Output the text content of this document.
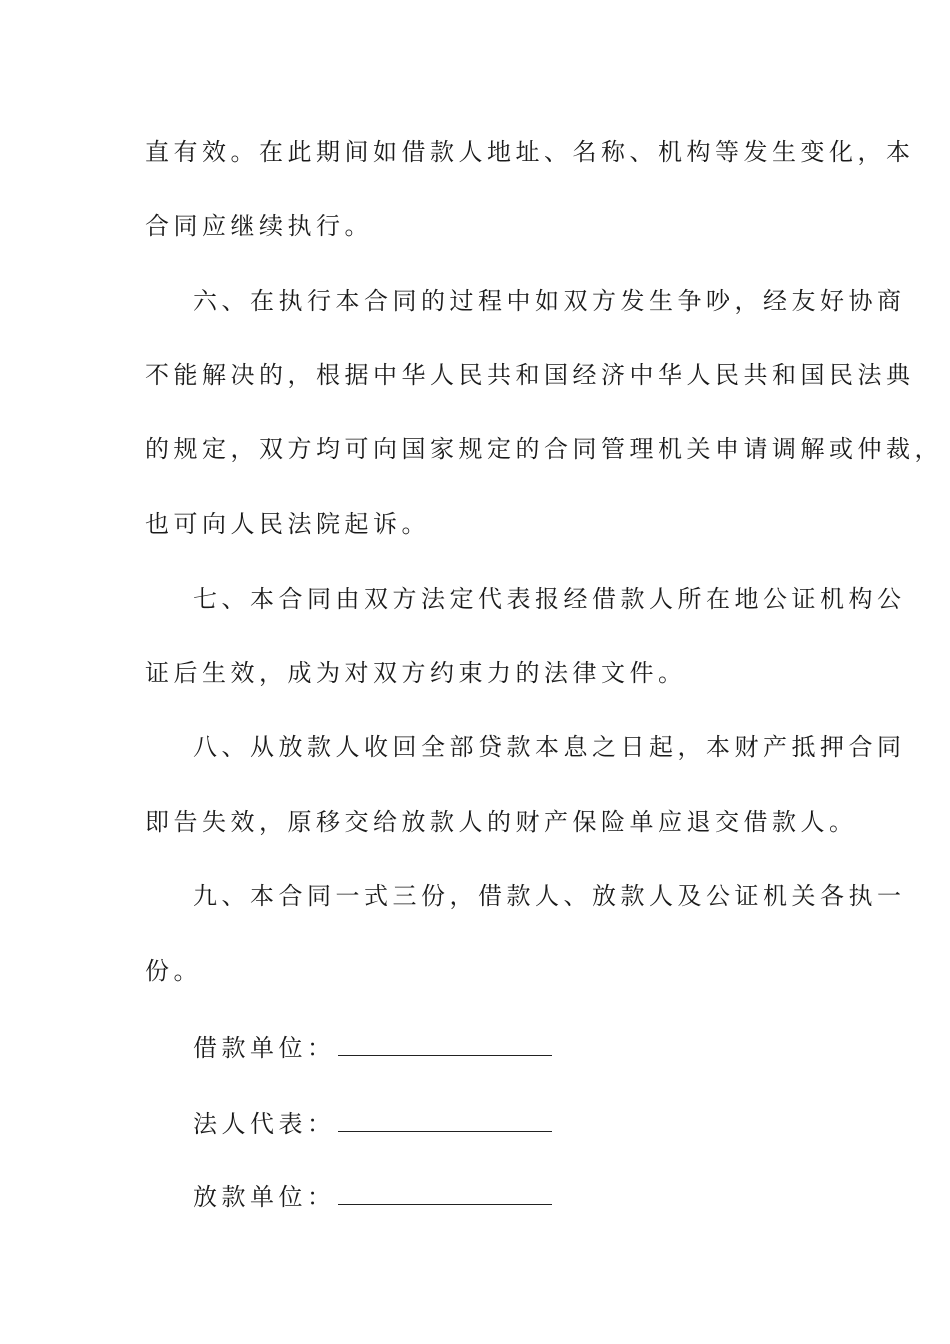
直有效。在此期间如借款人地址、名称、机构等发生变化，本
合同应继续执行。
六、在执行本合同的过程中如双方发生争吵，经友好协商
不能解决的，根据中华人民共和国经济中华人民共和国民法典
的规定，双方均可向国家规定的合同管理机关申请调解或仲裁，
也可向人民法院起诉。
七、本合同由双方法定代表报经借款人所在地公证机构公
证后生效，成为对双方约束力的法律文件。
八、从放款人收回全部贷款本息之日起，本财产抵押合同
即告失效，原移交给放款人的财产保险单应退交借款人。
九、本合同一式三份，借款人、放款人及公证机关各执一
份。
借款单位：
法人代表：
放款单位：
